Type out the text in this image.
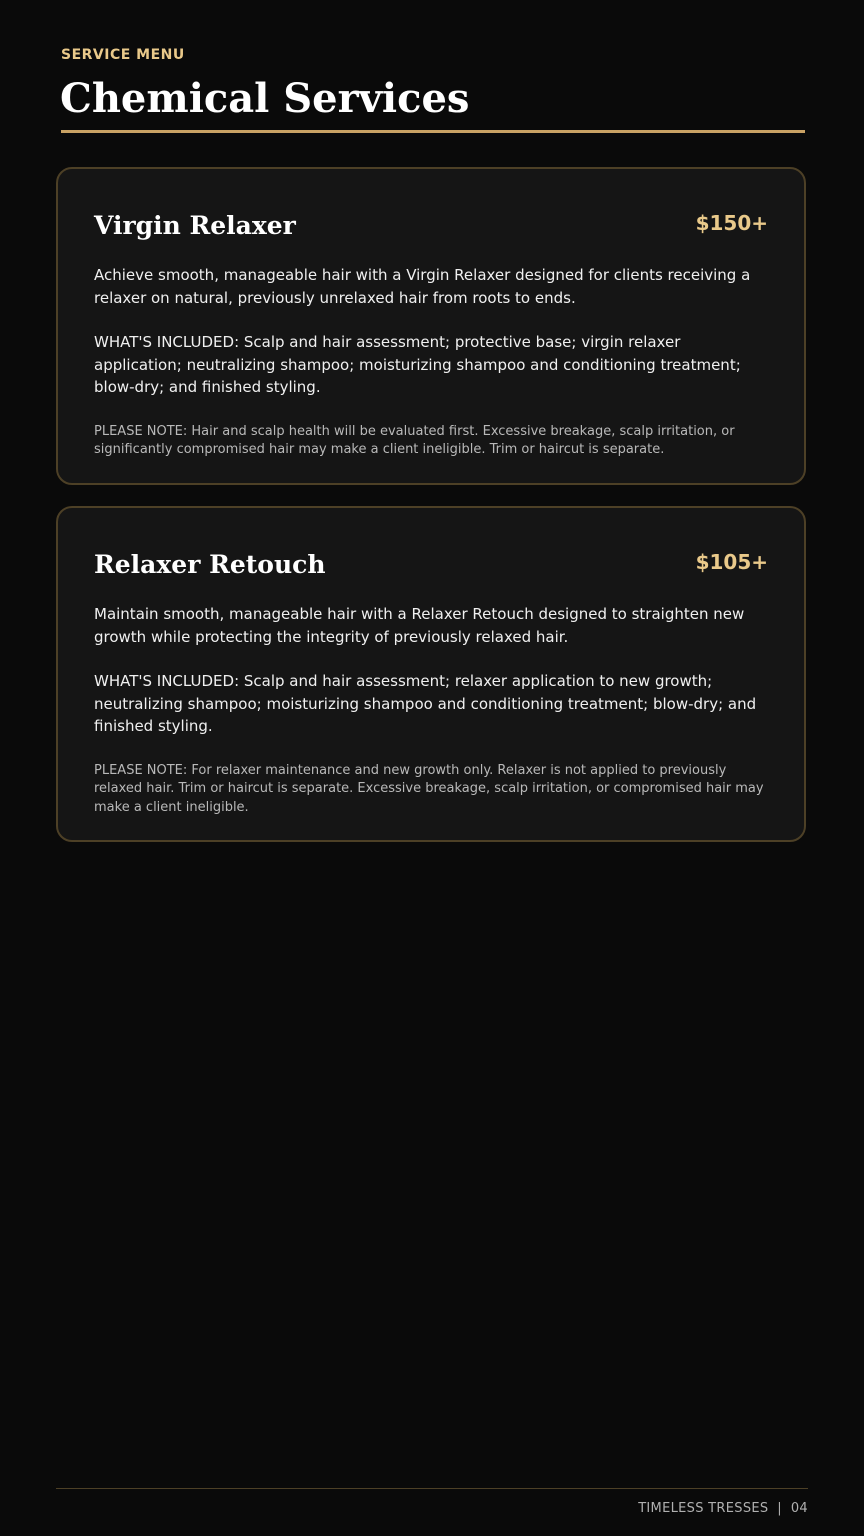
SERVICE MENU

Chemical Services
Virgin Relaxer	$150+

Achieve smooth, manageable hair with a Virgin Relaxer designed for clients receiving a relaxer on natural, previously unrelaxed hair from roots to ends.

WHAT'S INCLUDED: Scalp and hair assessment; protective base; virgin relaxer application; neutralizing shampoo; moisturizing shampoo and conditioning treatment; blow-dry; and finished styling.

PLEASE NOTE: Hair and scalp health will be evaluated first. Excessive breakage, scalp irritation, or significantly compromised hair may make a client ineligible. Trim or haircut is separate.

Relaxer Retouch	$105+

Maintain smooth, manageable hair with a Relaxer Retouch designed to straighten new growth while protecting the integrity of previously relaxed hair.

WHAT'S INCLUDED: Scalp and hair assessment; relaxer application to new growth; neutralizing shampoo; moisturizing shampoo and conditioning treatment; blow-dry; and finished styling.

PLEASE NOTE: For relaxer maintenance and new growth only. Relaxer is not applied to previously relaxed hair. Trim or haircut is separate. Excessive breakage, scalp irritation, or compromised hair may make a client ineligible.

TIMELESS TRESSES  |  04
